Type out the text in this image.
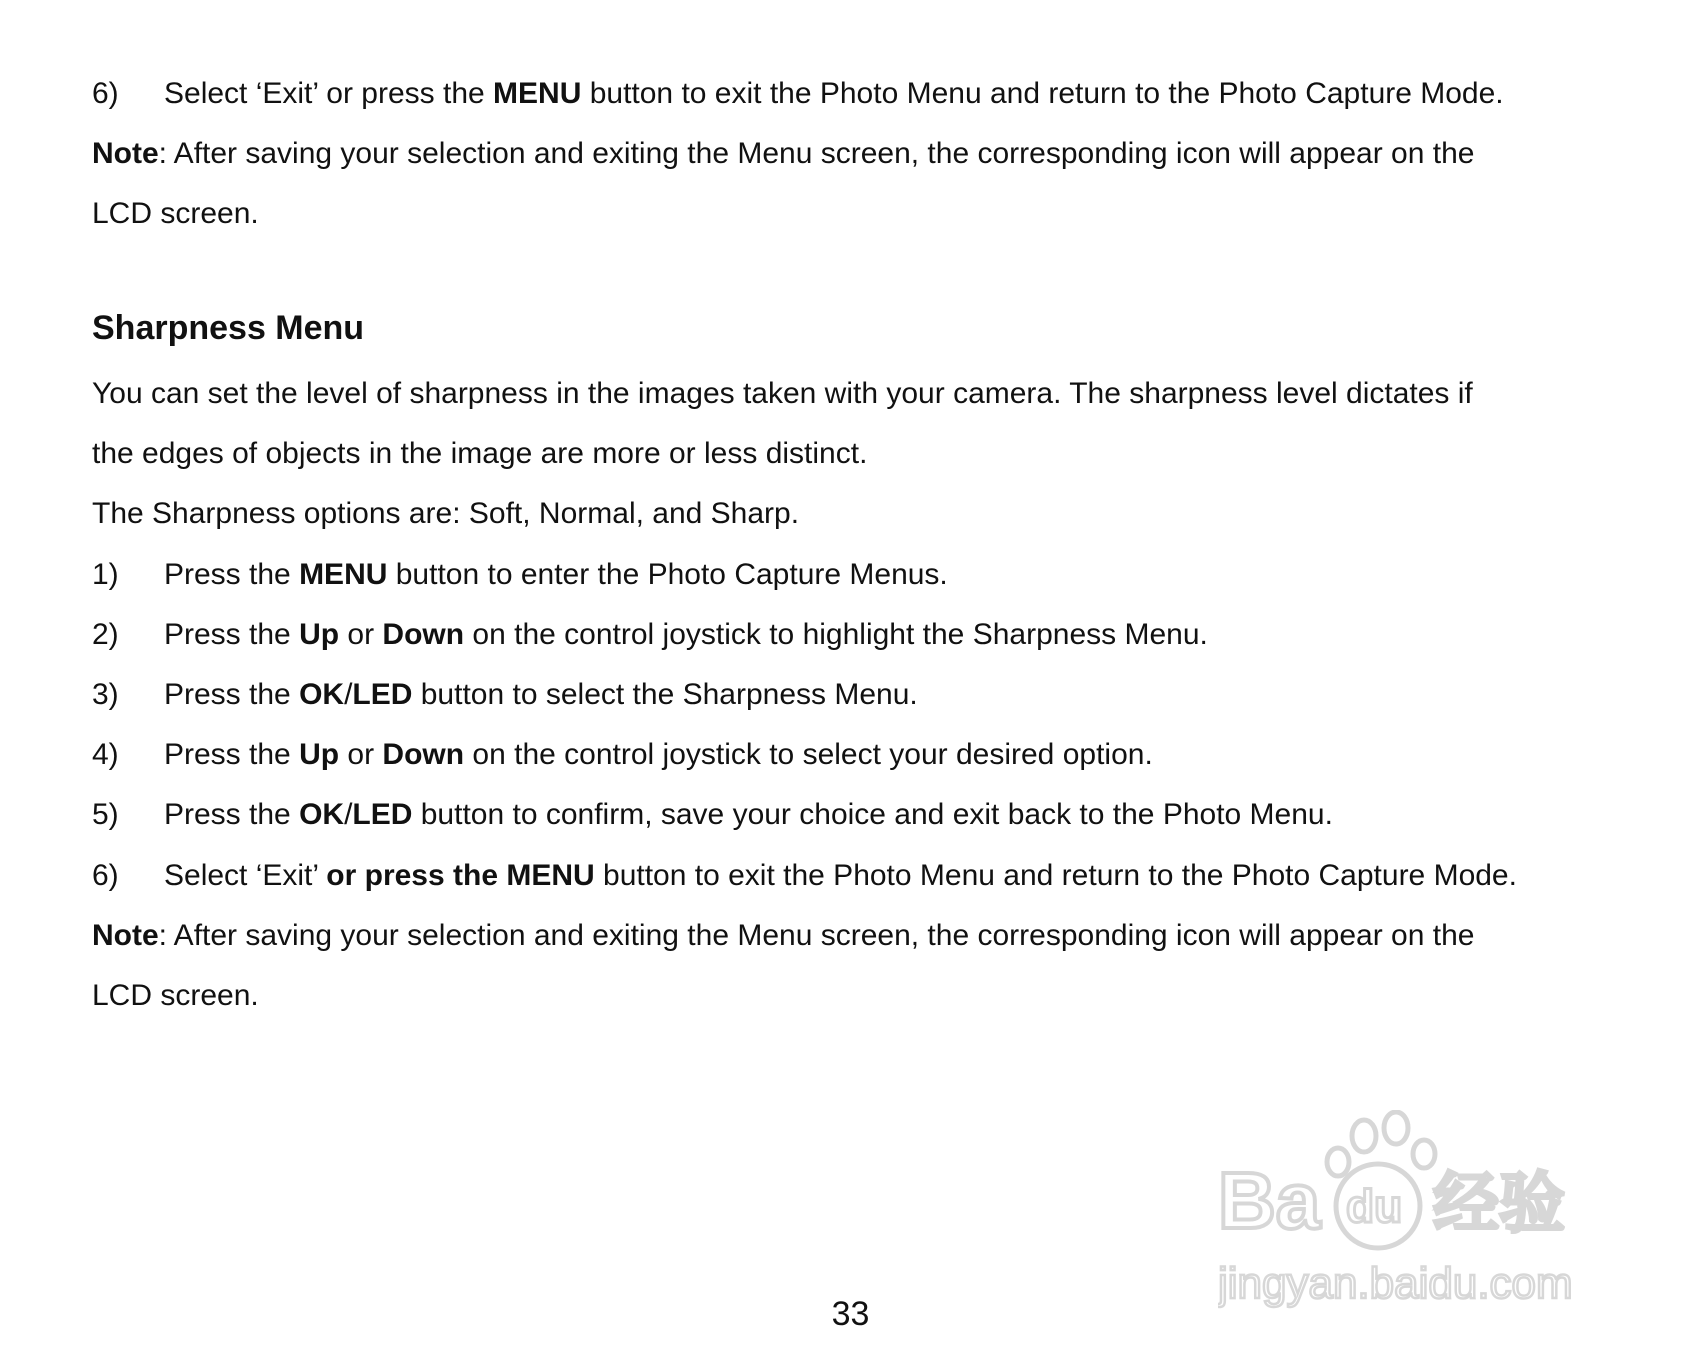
6) Select ‘Exit’ or press the MENU button to exit the Photo Menu and return to the Photo Capture Mode.
Note: After saving your selection and exiting the Menu screen, the corresponding icon will appear on the
LCD screen.
Sharpness Menu
You can set the level of sharpness in the images taken with your camera. The sharpness level dictates if
the edges of objects in the image are more or less distinct.
The Sharpness options are: Soft, Normal, and Sharp.
1) Press the MENU button to enter the Photo Capture Menus.
2) Press the Up or Down on the control joystick to highlight the Sharpness Menu.
3) Press the OK/LED button to select the Sharpness Menu.
4) Press the Up or Down on the control joystick to select your desired option.
5) Press the OK/LED button to confirm, save your choice and exit back to the Photo Menu.
6) Select ‘Exit’ or press the MENU button to exit the Photo Menu and return to the Photo Capture Mode.
Note: After saving your selection and exiting the Menu screen, the corresponding icon will appear on the
LCD screen.
Ba du 经验
jingyan.baidu.com
33
